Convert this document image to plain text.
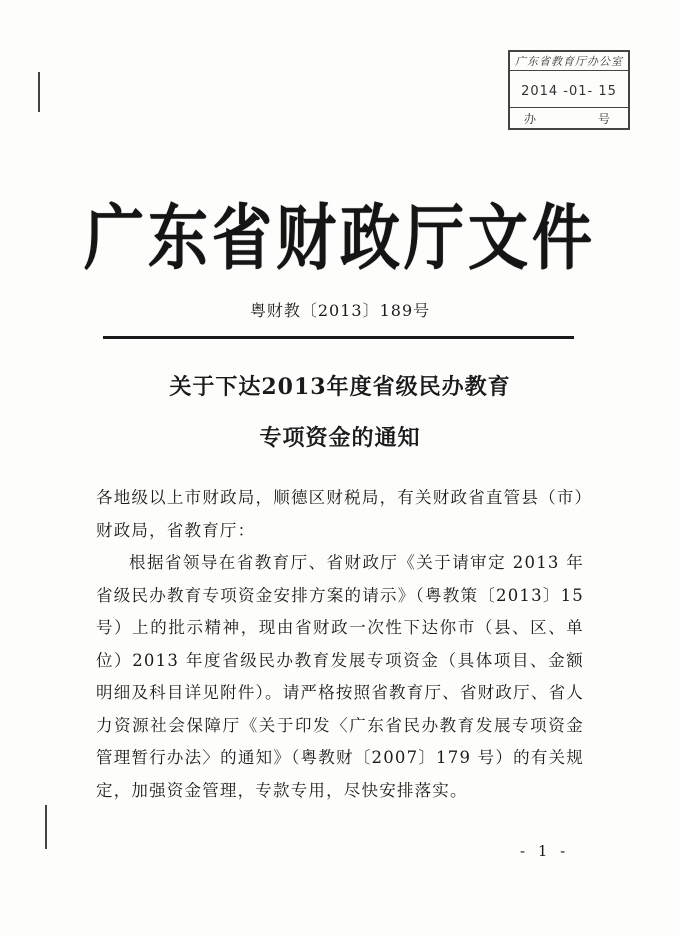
广东省教育厅办公室
2014 -01- 15
办	号
广东省财政厅文件
粤财教〔2013〕189号
关于下达2013年度省级民办教育
专项资金的通知

各地级以上市财政局，顺德区财税局，有关财政省直管县（市）财政局，省教育厅：

根据省领导在省教育厅、省财政厅《关于请审定 2013 年省级民办教育专项资金安排方案的请示》（粤教策〔2013〕15 号）上的批示精神，现由省财政一次性下达你市（县、区、单位）2013 年度省级民办教育发展专项资金（具体项目、金额明细及科目详见附件）。请严格按照省教育厅、省财政厅、省人力资源社会保障厅《关于印发〈广东省民办教育发展专项资金管理暂行办法〉的通知》（粤教财〔2007〕179 号）的有关规定，加强资金管理，专款专用，尽快安排落实。

- 1 -
